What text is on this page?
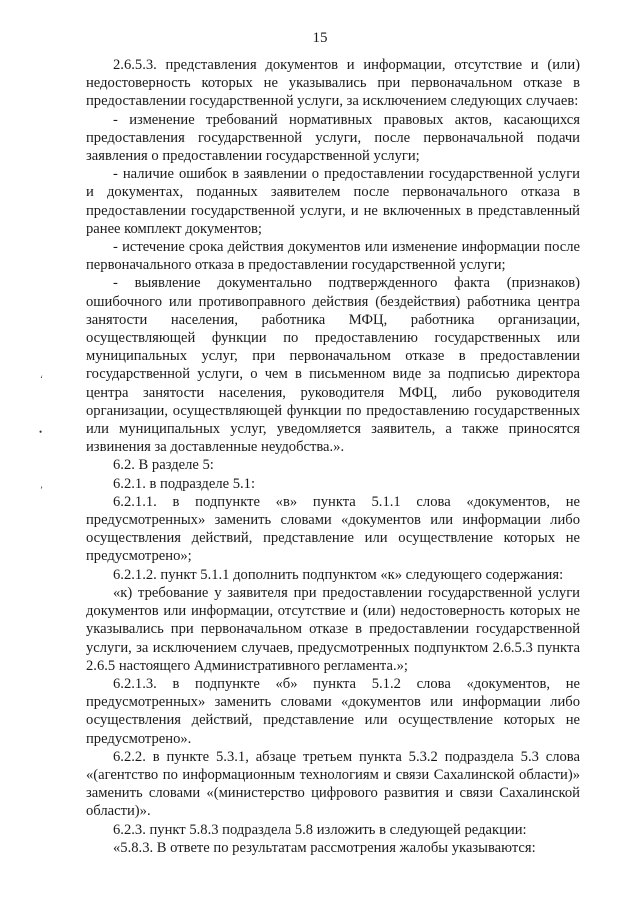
15

2.6.5.3. представления документов и информации, отсутствие и (или) недостоверность которых не указывались при первоначальном отказе в предоставлении государственной услуги, за исключением следующих случаев:

- изменение требований нормативных правовых актов, касающихся предоставления государственной услуги, после первоначальной подачи заявления о предоставлении государственной услуги;

- наличие ошибок в заявлении о предоставлении государственной услуги и документах, поданных заявителем после первоначального отказа в предоставлении государственной услуги, и не включенных в представленный ранее комплект документов;

- истечение срока действия документов или изменение информации после первоначального отказа в предоставлении государственной услуги;

- выявление документально подтвержденного факта (признаков) ошибочного или противоправного действия (бездействия) работника центра занятости населения, работника МФЦ, работника организации, осуществляющей функции по предоставлению государственных или муниципальных услуг, при первоначальном отказе в предоставлении государственной услуги, о чем в письменном виде за подписью директора центра занятости населения, руководителя МФЦ, либо руководителя организации, осуществляющей функции по предоставлению государственных или муниципальных услуг, уведомляется заявитель, а также приносятся извинения за доставленные неудобства.».

6.2. В разделе 5:

6.2.1. в подразделе 5.1:

6.2.1.1. в подпункте «в» пункта 5.1.1 слова «документов, не предусмотренных» заменить словами «документов или информации либо осуществления действий, представление или осуществление которых не предусмотрено»;

6.2.1.2. пункт 5.1.1 дополнить подпунктом «к» следующего содержания:

«к) требование у заявителя при предоставлении государственной услуги документов или информации, отсутствие и (или) недостоверность которых не указывались при первоначальном отказе в предоставлении государственной услуги, за исключением случаев, предусмотренных подпунктом 2.6.5.3 пункта 2.6.5 настоящего Административного регламента.»;

6.2.1.3. в подпункте «б» пункта 5.1.2 слова «документов, не предусмотренных» заменить словами «документов или информации либо осуществления действий, представление или осуществление которых не предусмотрено».

6.2.2. в пункте 5.3.1, абзаце третьем пункта 5.3.2 подраздела 5.3 слова «(агентство по информационным технологиям и связи Сахалинской области)» заменить словами «(министерство цифрового развития и связи Сахалинской области)».

6.2.3. пункт 5.8.3 подраздела 5.8 изложить в следующей редакции:

«5.8.3. В ответе по результатам рассмотрения жалобы указываются:

‘
•
’
